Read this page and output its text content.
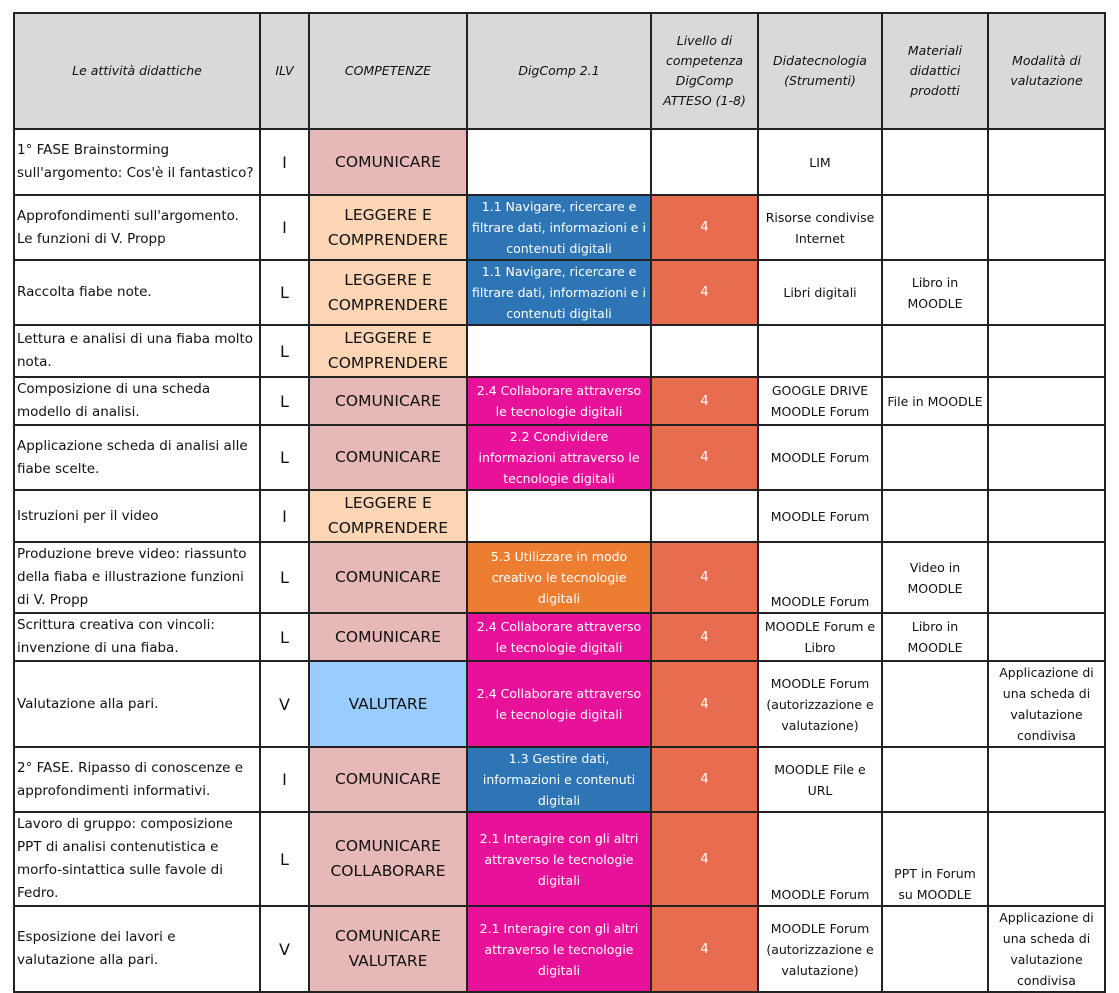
Le attività didattiche	ILV	COMPETENZE	DigComp 2.1	Livello di competenza DigComp ATTESO (1-8)	Didatecnologia (Strumenti)	Materiali didattici prodotti	Modalità di valutazione
1° FASE Brainstorming sull'argomento: Cos'è il fantastico?	I	COMUNICARE			LIM		
Approfondimenti sull'argomento. Le funzioni di V. Propp	I	LEGGERE E COMPRENDERE	1.1 Navigare, ricercare e filtrare dati, informazioni e i contenuti digitali	4	Risorse condivise Internet		
Raccolta fiabe note.	L	LEGGERE E COMPRENDERE	1.1 Navigare, ricercare e filtrare dati, informazioni e i contenuti digitali	4	Libri digitali	Libro in MOODLE	
Lettura e analisi di una fiaba molto nota.	L	LEGGERE E COMPRENDERE					
Composizione di una scheda modello di analisi.	L	COMUNICARE	2.4 Collaborare attraverso le tecnologie digitali	4	GOOGLE DRIVE MOODLE Forum	File in MOODLE	
Applicazione scheda di analisi alle fiabe scelte.	L	COMUNICARE	2.2 Condividere informazioni attraverso le tecnologie digitali	4	MOODLE Forum		
Istruzioni per il video	I	LEGGERE E COMPRENDERE			MOODLE Forum		
Produzione breve video: riassunto della fiaba e illustrazione funzioni di V. Propp	L	COMUNICARE	5.3 Utilizzare in modo creativo le tecnologie digitali	4	MOODLE Forum	Video in MOODLE	
Scrittura creativa con vincoli: invenzione di una fiaba.	L	COMUNICARE	2.4 Collaborare attraverso le tecnologie digitali	4	MOODLE Forum e Libro	Libro in MOODLE	
Valutazione alla pari.	V	VALUTARE	2.4 Collaborare attraverso le tecnologie digitali	4	MOODLE Forum (autorizzazione e valutazione)		Applicazione di una scheda di valutazione condivisa
2° FASE. Ripasso di conoscenze e approfondimenti informativi.	I	COMUNICARE	1.3 Gestire dati, informazioni e contenuti digitali	4	MOODLE File e URL		
Lavoro di gruppo: composizione PPT di analisi contenutistica e morfo-sintattica sulle favole di Fedro.	L	COMUNICARE COLLABORARE	2.1 Interagire con gli altri attraverso le tecnologie digitali	4	MOODLE Forum	PPT in Forum su MOODLE	
Esposizione dei lavori e valutazione alla pari.	V	COMUNICARE VALUTARE	2.1 Interagire con gli altri attraverso le tecnologie digitali	4	MOODLE Forum (autorizzazione e valutazione)		Applicazione di una scheda di valutazione condivisa
